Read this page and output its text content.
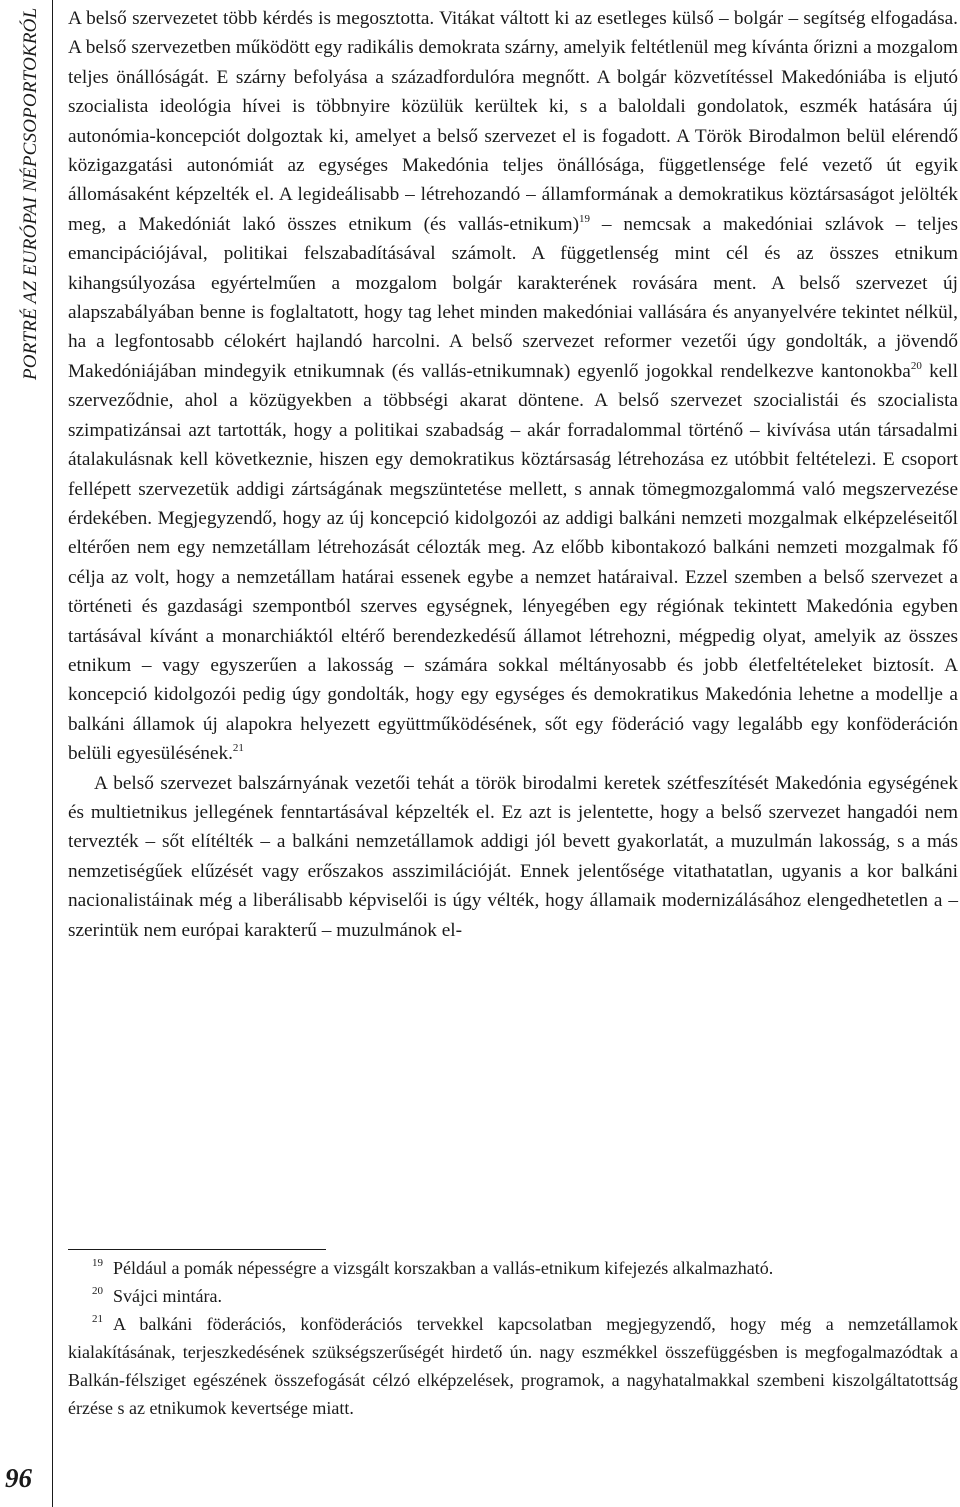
PORTRÉ AZ EURÓPAI NÉPCSOPORTOKRÓL
96

A belső szervezetet több kérdés is megosztotta. Vitákat váltott ki az esetleges külső – bolgár – segítség elfogadása. A belső szervezetben működött egy radikális demokrata szárny, amelyik feltétlenül meg kívánta őrizni a mozgalom teljes önállóságát. E szárny befolyása a századfordulóra megnőtt. A bolgár közvetítéssel Makedóniába is eljutó szocialista ideológia hívei is többnyire közülük kerültek ki, s a baloldali gondolatok, eszmék hatására új autonómia-koncepciót dolgoztak ki, amelyet a belső szervezet el is fogadott. A Török Birodalmon belül elérendő közigazgatási autonómiát az egységes Makedónia teljes önállósága, függetlensége felé vezető út egyik állomásaként képzelték el. A legideálisabb – létrehozandó – államformának a demokratikus köztársaságot jelölték meg, a Makedóniát lakó összes etnikum (és vallás-etnikum)$^{19}$ – nemcsak a makedóniai szlávok – teljes emancipációjával, politikai felszabadításával számolt. A függetlenség mint cél és az összes etnikum kihangsúlyozása egyértelműen a mozgalom bolgár karakterének rovására ment. A belső szervezet új alapszabályában benne is foglaltatott, hogy tag lehet minden makedóniai vallására és anyanyelvére tekintet nélkül, ha a legfontosabb célokért hajlandó harcolni. A belső szervezet reformer vezetői úgy gondolták, a jövendő Makedóniájában mindegyik etnikumnak (és vallás-etnikumnak) egyenlő jogokkal rendelkezve kantonokba$^{20}$ kell szerveződnie, ahol a közügyekben a többségi akarat döntene. A belső szervezet szocialistái és szocialista szimpatizánsai azt tartották, hogy a politikai szabadság – akár forradalommal történő – kivívása után társadalmi átalakulásnak kell következnie, hiszen egy demokratikus köztársaság létrehozása ez utóbbit feltételezi. E csoport fellépett szervezetük addigi zártságának megszüntetése mellett, s annak tömegmozgalommá való megszervezése érdekében. Megjegyzendő, hogy az új koncepció kidolgozói az addigi balkáni nemzeti mozgalmak elképzeléseitől eltérően nem egy nemzetállam létrehozását célozták meg. Az előbb kibontakozó balkáni nemzeti mozgalmak fő célja az volt, hogy a nemzetállam határai essenek egybe a nemzet határaival. Ezzel szemben a belső szervezet a történeti és gazdasági szempontból szerves egységnek, lényegében egy régiónak tekintett Makedónia egyben tartásával kívánt a monarchiáktól eltérő berendezkedésű államot létrehozni, mégpedig olyat, amelyik az összes etnikum – vagy egyszerűen a lakosság – számára sokkal méltányosabb és jobb életfeltételeket biztosít. A koncepció kidolgozói pedig úgy gondolták, hogy egy egységes és demokratikus Makedónia lehetne a modellje a balkáni államok új alapokra helyezett együttműködésének, sőt egy föderáció vagy legalább egy konföderáción belüli egyesülésének.$^{21}$

A belső szervezet balszárnyának vezetői tehát a török birodalmi keretek szétfeszítését Makedónia egységének és multietnikus jellegének fenntartásával képzelték el. Ez azt is jelentette, hogy a belső szervezet hangadói nem tervezték – sőt elítélték – a balkáni nemzetállamok addigi jól bevett gyakorlatát, a muzulmán lakosság, s a más nemzetiségűek elűzését vagy erőszakos asszimilációját. Ennek jelentősége vitathatatlan, ugyanis a kor balkáni nacionalistáinak még a liberálisabb képviselői is úgy vélték, hogy államaik modernizálásához elengedhetetlen a – szerintük nem európai karakterű – muzulmánok el-

$^{19}$ Például a pomák népességre a vizsgált korszakban a vallás-etnikum kifejezés alkalmazható.

$^{20}$ Svájci mintára.

$^{21}$ A balkáni föderációs, konföderációs tervekkel kapcsolatban megjegyzendő, hogy még a nemzetállamok kialakításának, terjeszkedésének szükségszerűségét hirdető ún. nagy eszmékkel összefüggésben is megfogalmazódtak a Balkán-félsziget egészének összefogását célzó elképzelések, programok, a nagyhatalmakkal szembeni kiszolgáltatottság érzése s az etnikumok kevertsége miatt.
